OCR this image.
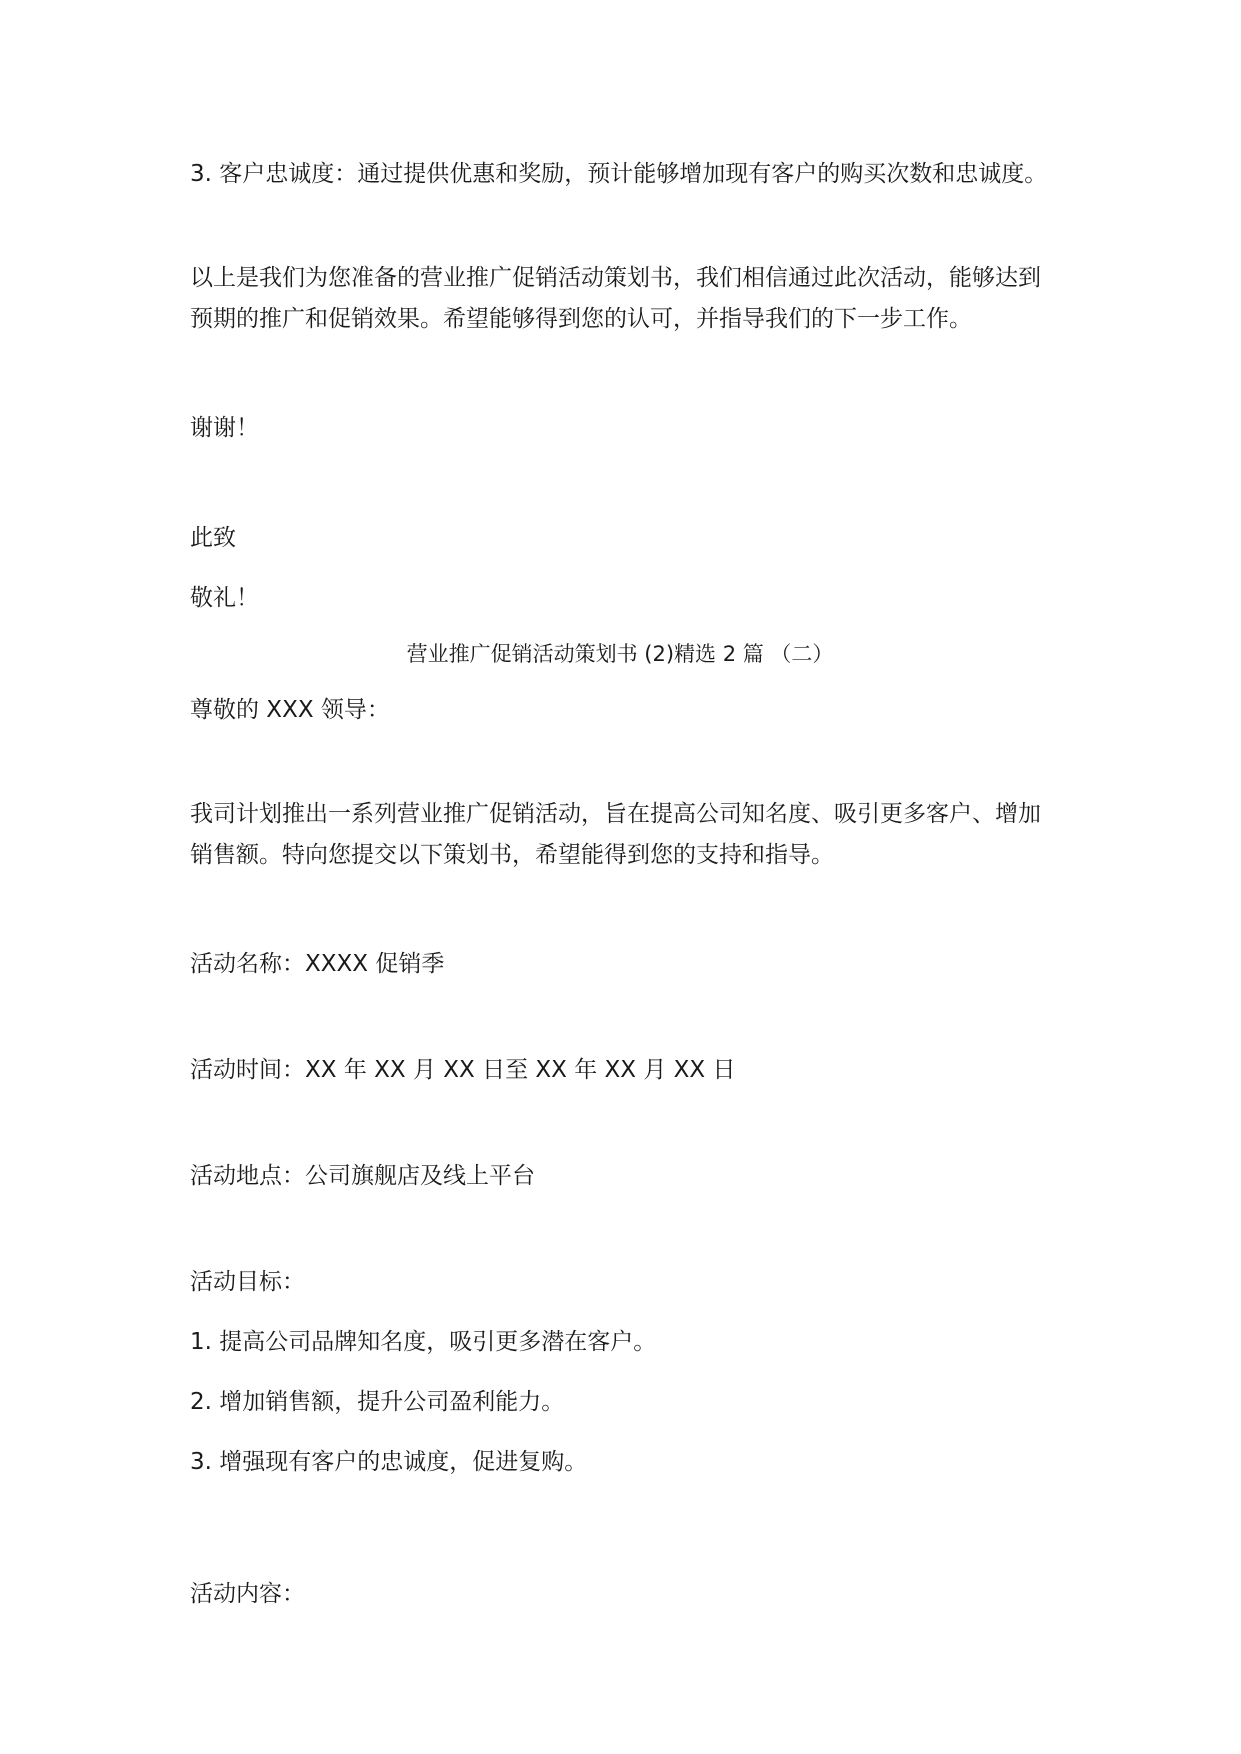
3. 客户忠诚度：通过提供优惠和奖励，预计能够增加现有客户的购买次数和忠诚度。

以上是我们为您准备的营业推广促销活动策划书，我们相信通过此次活动，能够达到预期的推广和促销效果。希望能够得到您的认可，并指导我们的下一步工作。

谢谢！

此致

敬礼！

营业推广促销活动策划书 (2)精选 2 篇 （二）

尊敬的 XXX 领导：

我司计划推出一系列营业推广促销活动，旨在提高公司知名度、吸引更多客户、增加销售额。特向您提交以下策划书，希望能得到您的支持和指导。

活动名称：XXXX 促销季

活动时间：XX 年 XX 月 XX 日至 XX 年 XX 月 XX 日

活动地点：公司旗舰店及线上平台

活动目标：

1. 提高公司品牌知名度，吸引更多潜在客户。

2. 增加销售额，提升公司盈利能力。

3. 增强现有客户的忠诚度，促进复购。

活动内容：
